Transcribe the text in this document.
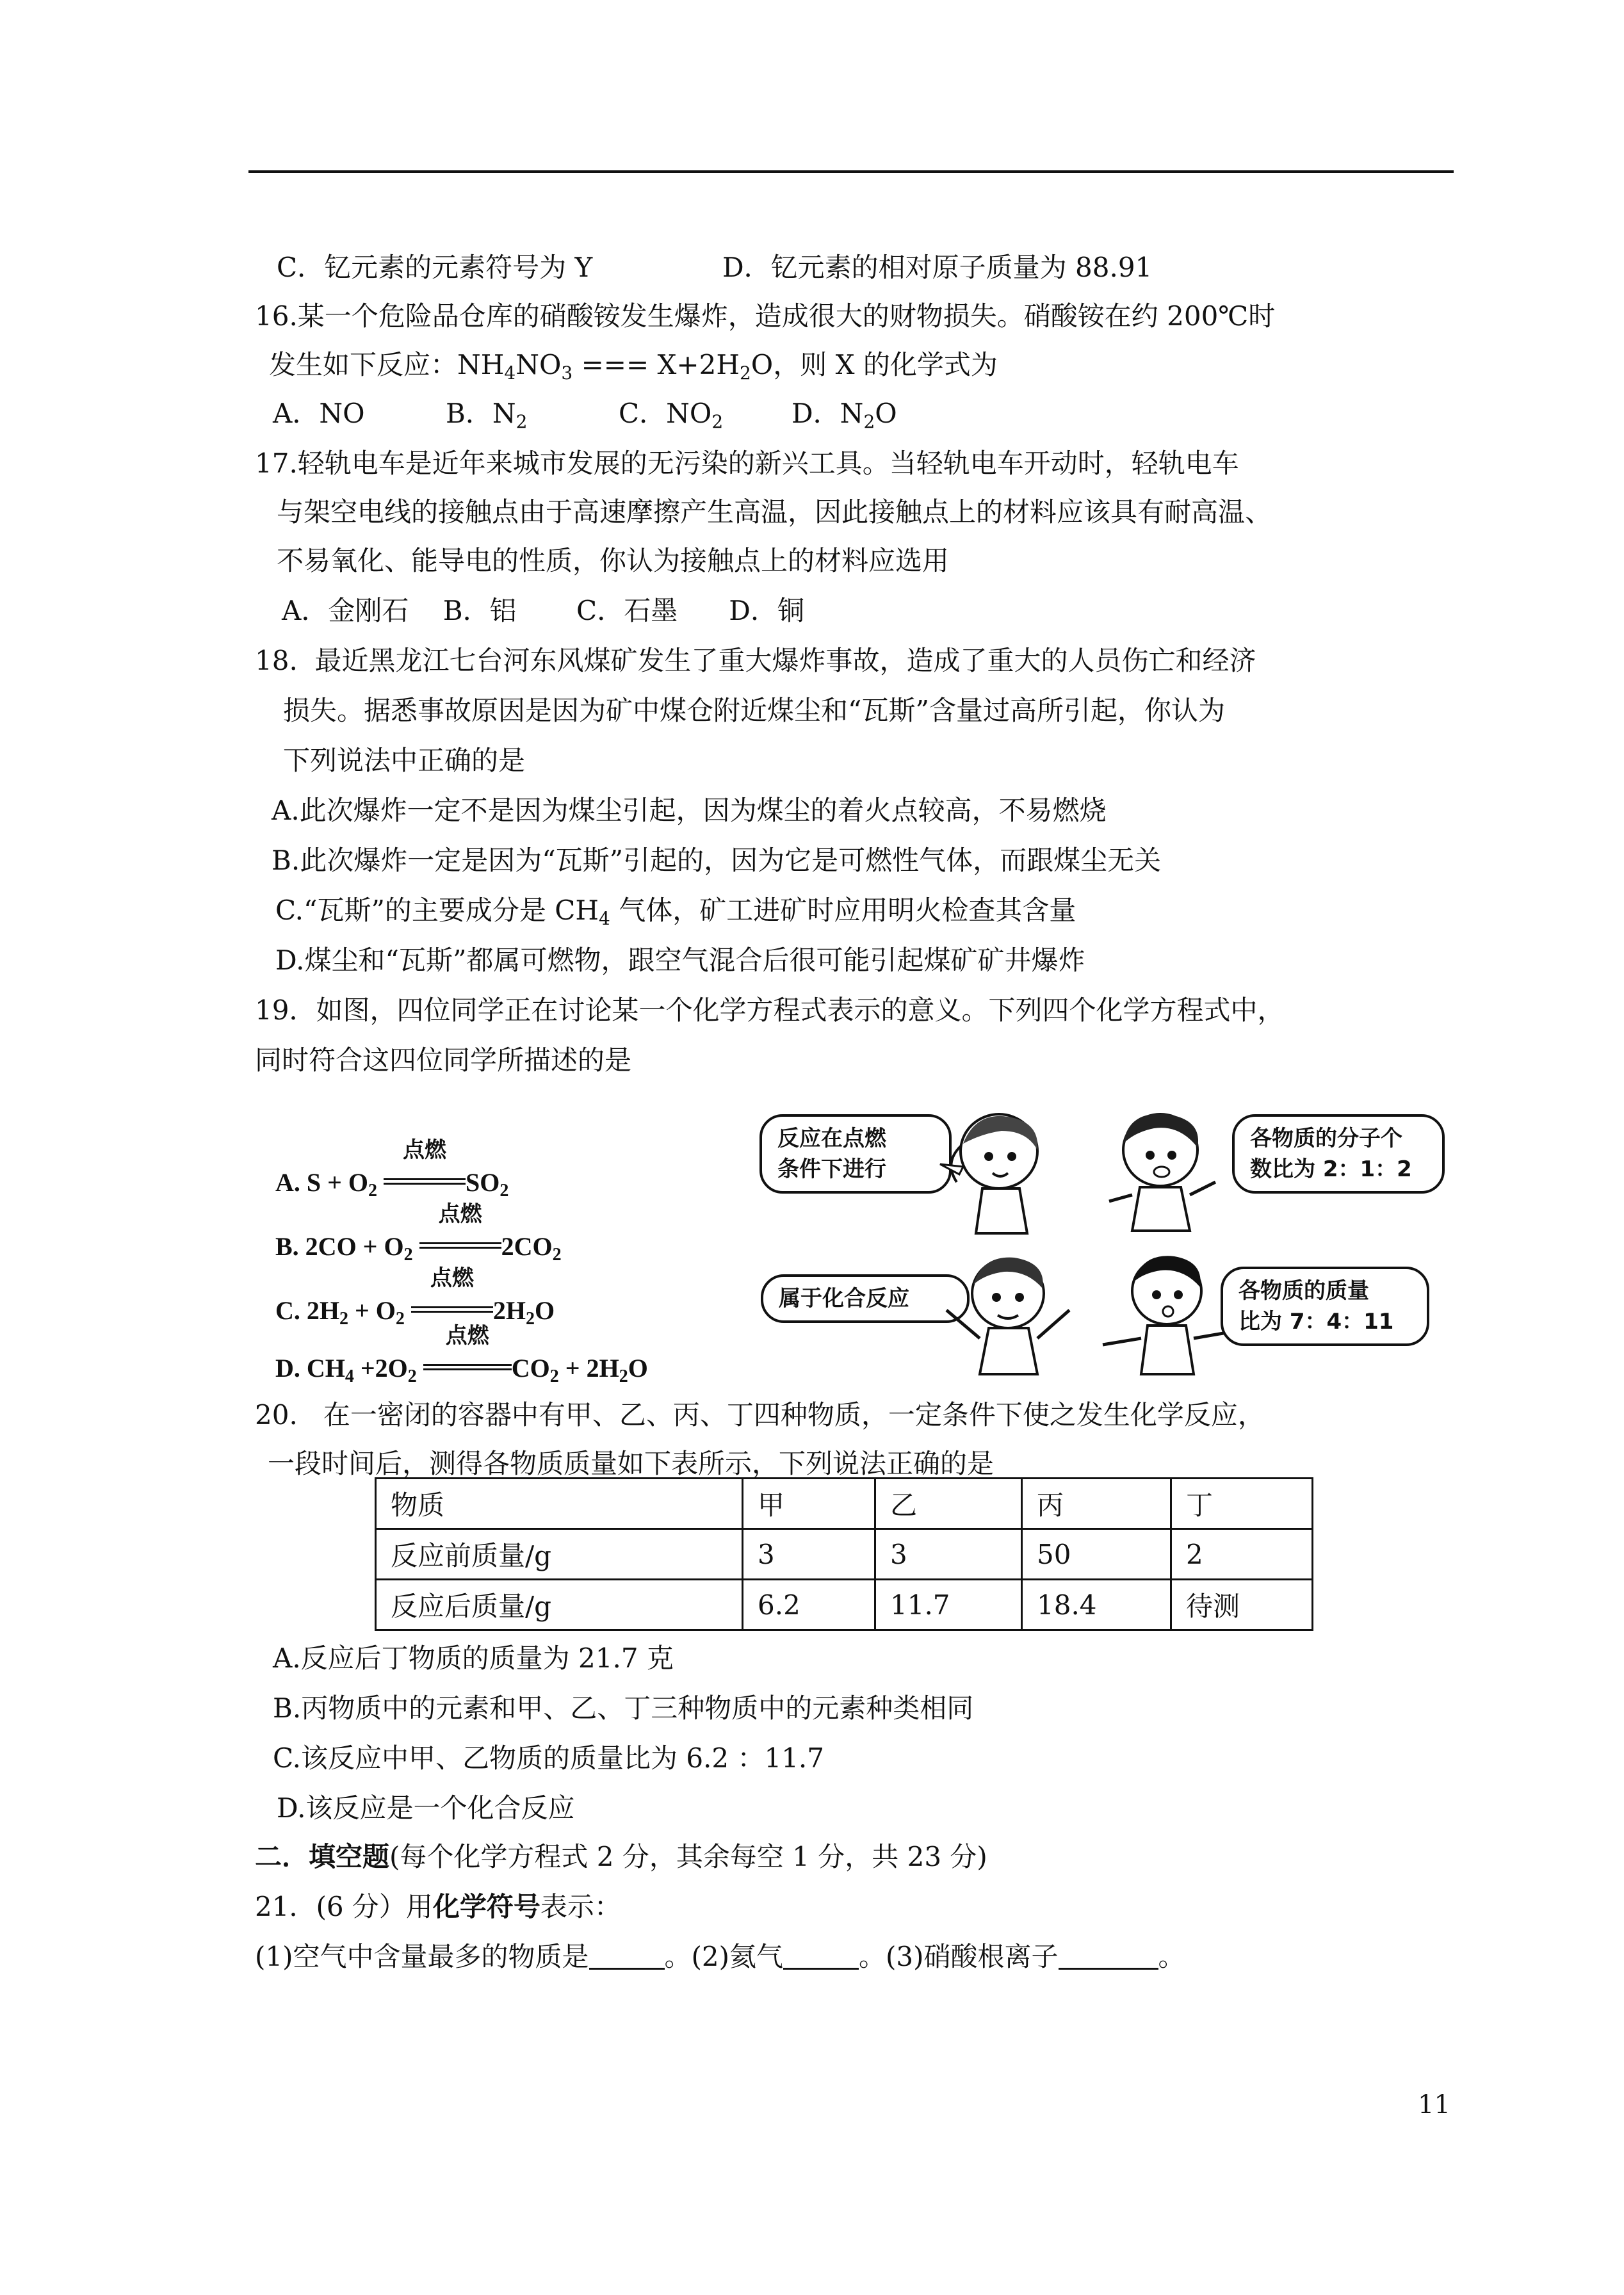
C．钇元素的元素符号为 Y	D．钇元素的相对原子质量为 88.91
16.某一个危险品仓库的硝酸铵发生爆炸，造成很大的财物损失。硝酸铵在约 200℃时
发生如下反应：$NH_4NO_3$ === $X+2H_2O$，则 X 的化学式为
A．NO	B．$N_2$	C．$NO_2$	D．$N_2O$
17.轻轨电车是近年来城市发展的无污染的新兴工具。当轻轨电车开动时，轻轨电车
与架空电线的接触点由于高速摩擦产生高温，因此接触点上的材料应该具有耐高温、
不易氧化、能导电的性质，你认为接触点上的材料应选用
A．金刚石    B．铝       C．石墨      D．铜
18.  最近黑龙江七台河东风煤矿发生了重大爆炸事故，造成了重大的人员伤亡和经济
损失。据悉事故原因是因为矿中煤仓附近煤尘和“瓦斯”含量过高所引起，你认为
下列说法中正确的是
A.此次爆炸一定不是因为煤尘引起，因为煤尘的着火点较高，不易燃烧
B.此次爆炸一定是因为“瓦斯”引起的，因为它是可燃性气体，而跟煤尘无关
C.“瓦斯”的主要成分是 $CH_4$ 气体，矿工进矿时应用明火检查其含量
D.煤尘和“瓦斯”都属可燃物，跟空气混合后很可能引起煤矿矿井爆炸
19．如图，四位同学正在讨论某一个化学方程式表示的意义。下列四个化学方程式中，
同时符合这四位同学所描述的是
A. $S + O_2$
点燃
$SO_2$
B. $2CO + O_2$
点燃
$2CO_2$
C. $2H_2 + O_2$
点燃
$2H_2O$
D. $CH_4 +2O_2$
点燃
$CO_2 + 2H_2O$
反应在点燃
条件下进行
各物质的分子个
数比为 2：1：2
属于化合反应	各物质的质量
比为 7：4：11
20.   在一密闭的容器中有甲、乙、丙、丁四种物质，一定条件下使之发生化学反应，
一段时间后，测得各物质质量如下表所示，下列说法正确的是
物质	甲	乙	丙	丁
反应前质量/g	3	3	50	2
反应后质量/g	6.2	11.7	18.4	待测
A.反应后丁物质的质量为 21.7 克
B.丙物质中的元素和甲、乙、丁三种物质中的元素种类相同
C.该反应中甲、乙物质的质量比为 6.2 ：11.7
D.该反应是一个化合反应
二．填空题(每个化学方程式 2 分，其余每空 1 分，共 23 分)
21．(6 分）用化学符号表示：
(1)空气中含量最多的物质是	。(2)氦气	。(3)硝酸根离子	。
11
